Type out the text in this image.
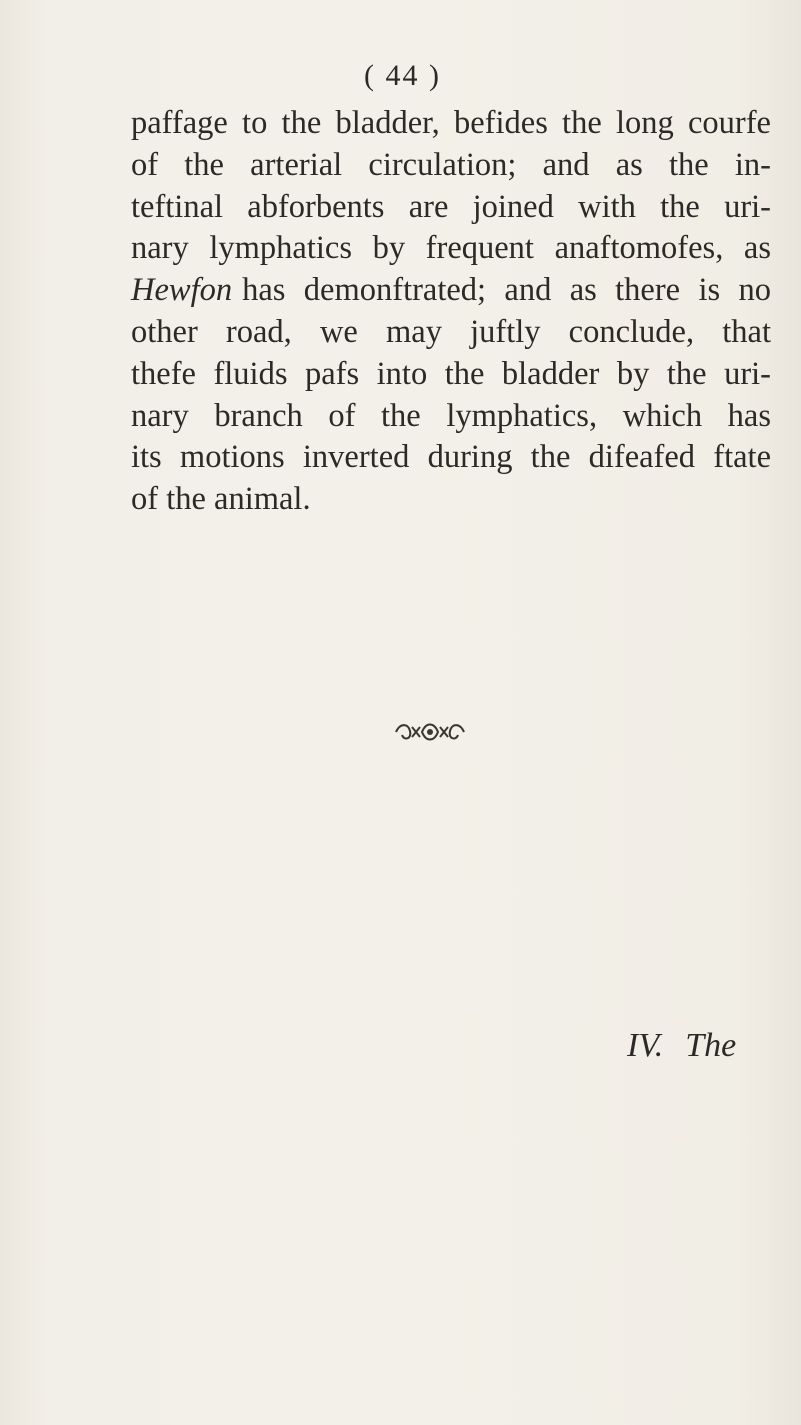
( 44 )
paffage to the bladder, befides the long courfe
of the arterial circulation; and as the in-
teftinal abforbents are joined with the uri-
nary lymphatics by frequent anaftomofes, as
Hewfon has demonftrated; and as there is no
other road, we may juftly conclude, that
thefe fluids pafs into the bladder by the uri-
nary branch of the lymphatics, which has
its motions inverted during the difeafed ftate
of the animal.
IV. The
